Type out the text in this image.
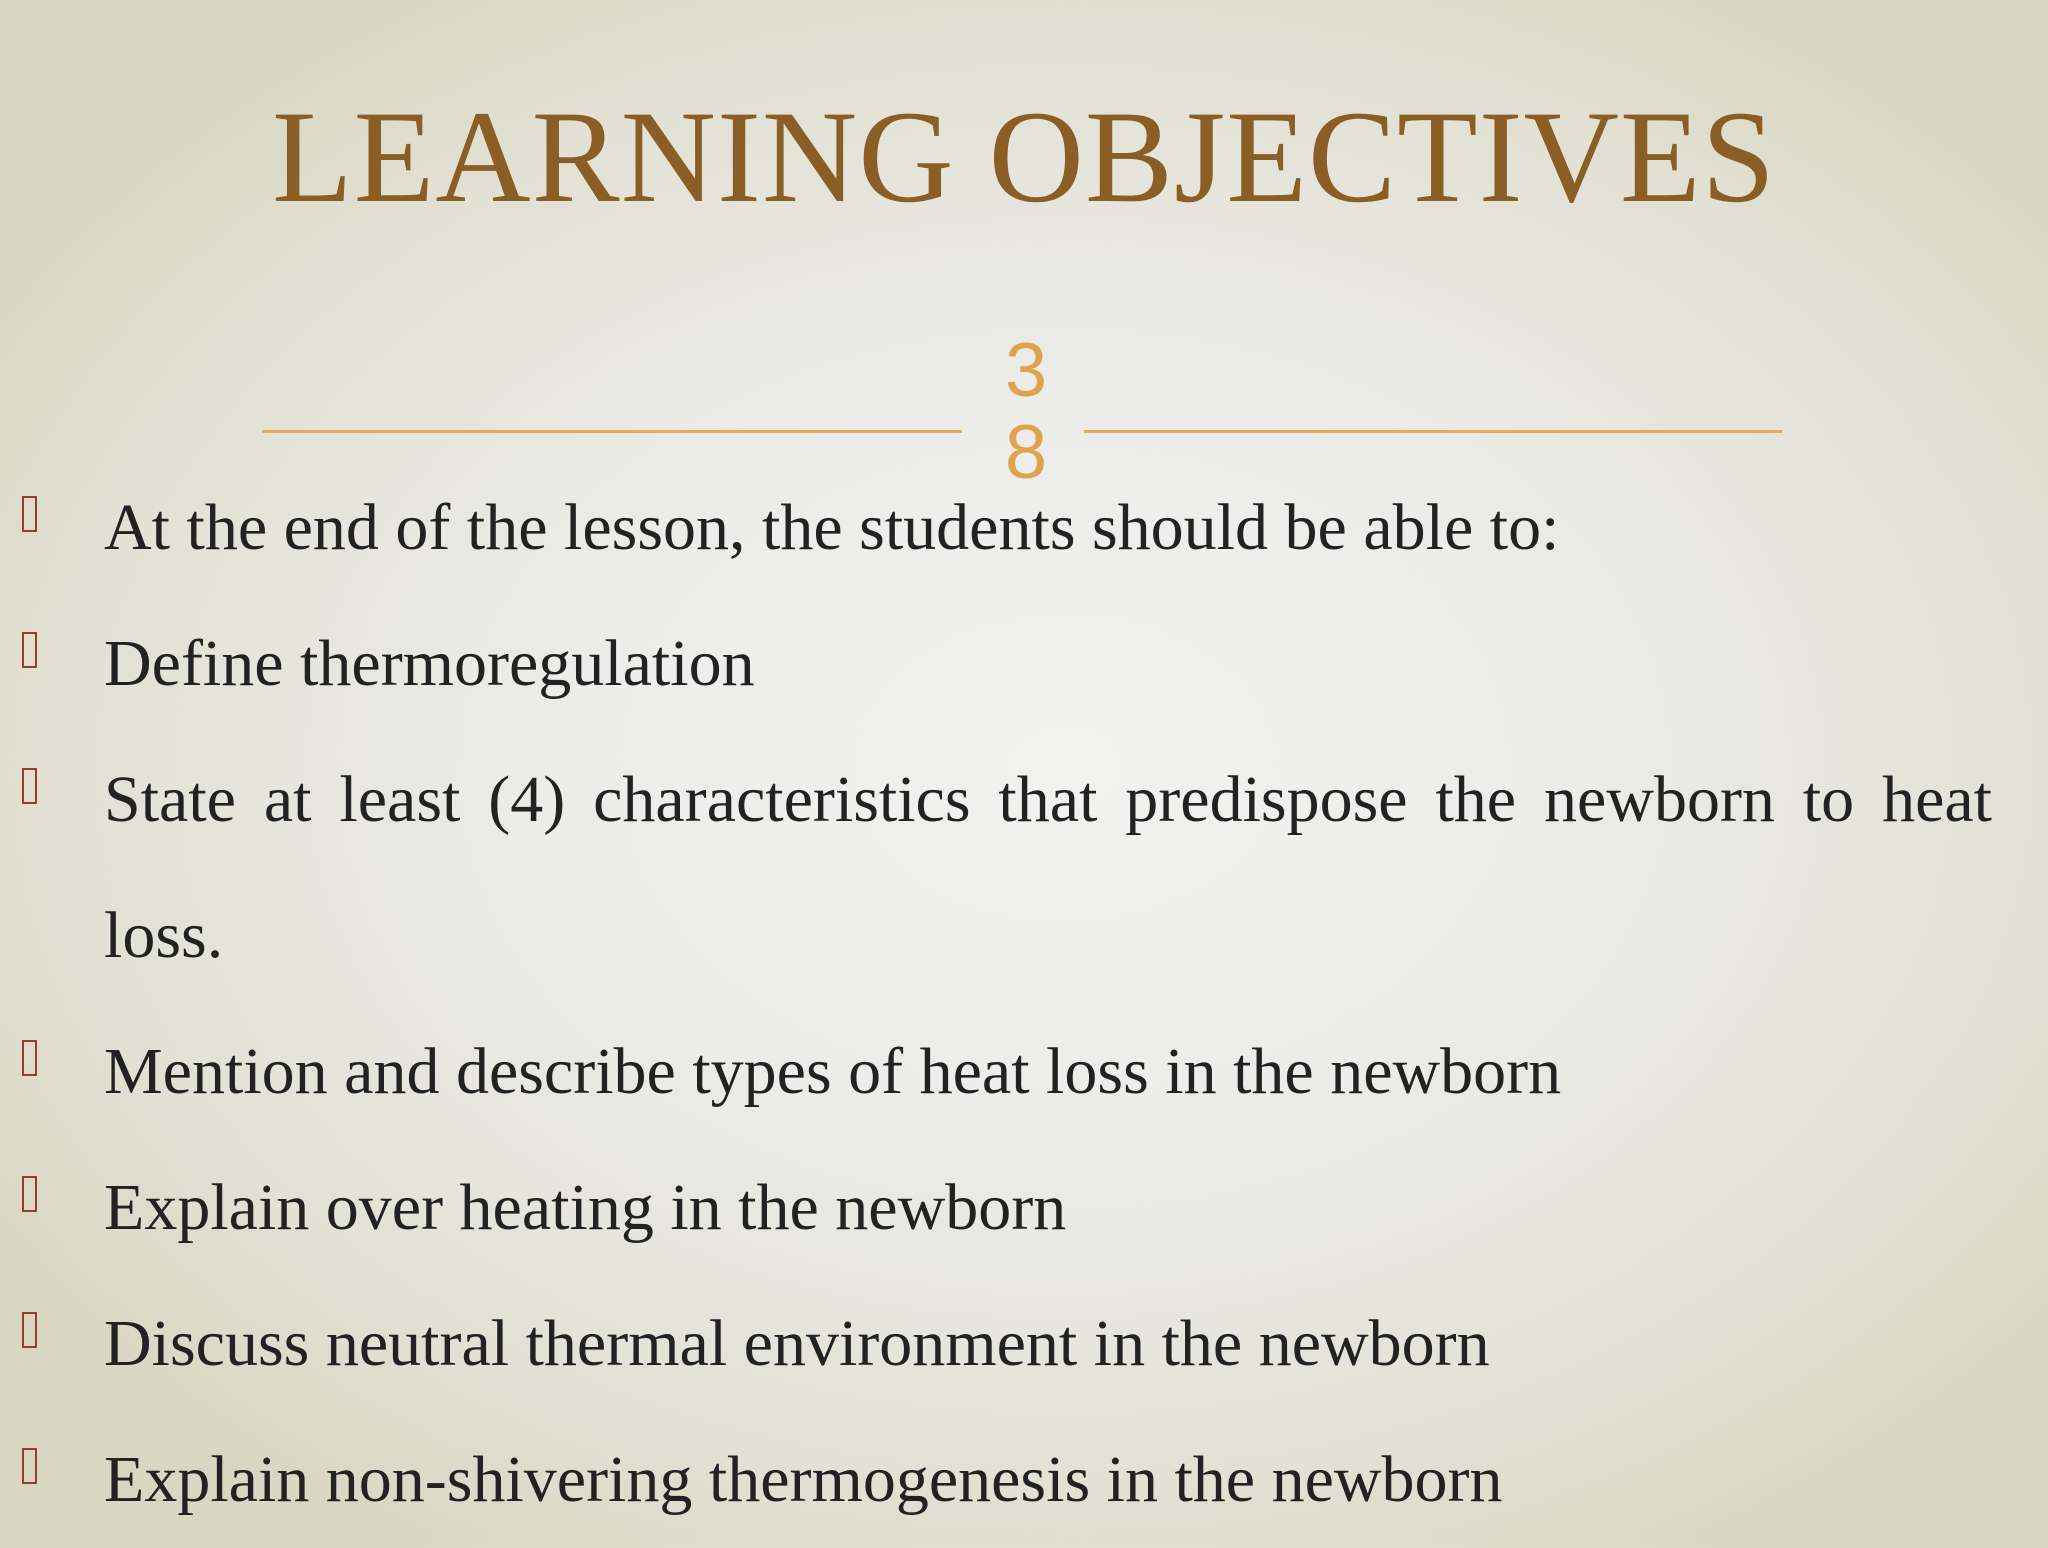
LEARNING OBJECTIVES
38
At the end of the lesson, the students should be able to:
Define thermoregulation
State at least (4) characteristics that predispose the newborn to heat loss.
Mention and describe types of heat loss in the newborn
Explain over heating in the newborn
Discuss neutral thermal environment in the newborn
Explain non-shivering thermogenesis in the newborn
